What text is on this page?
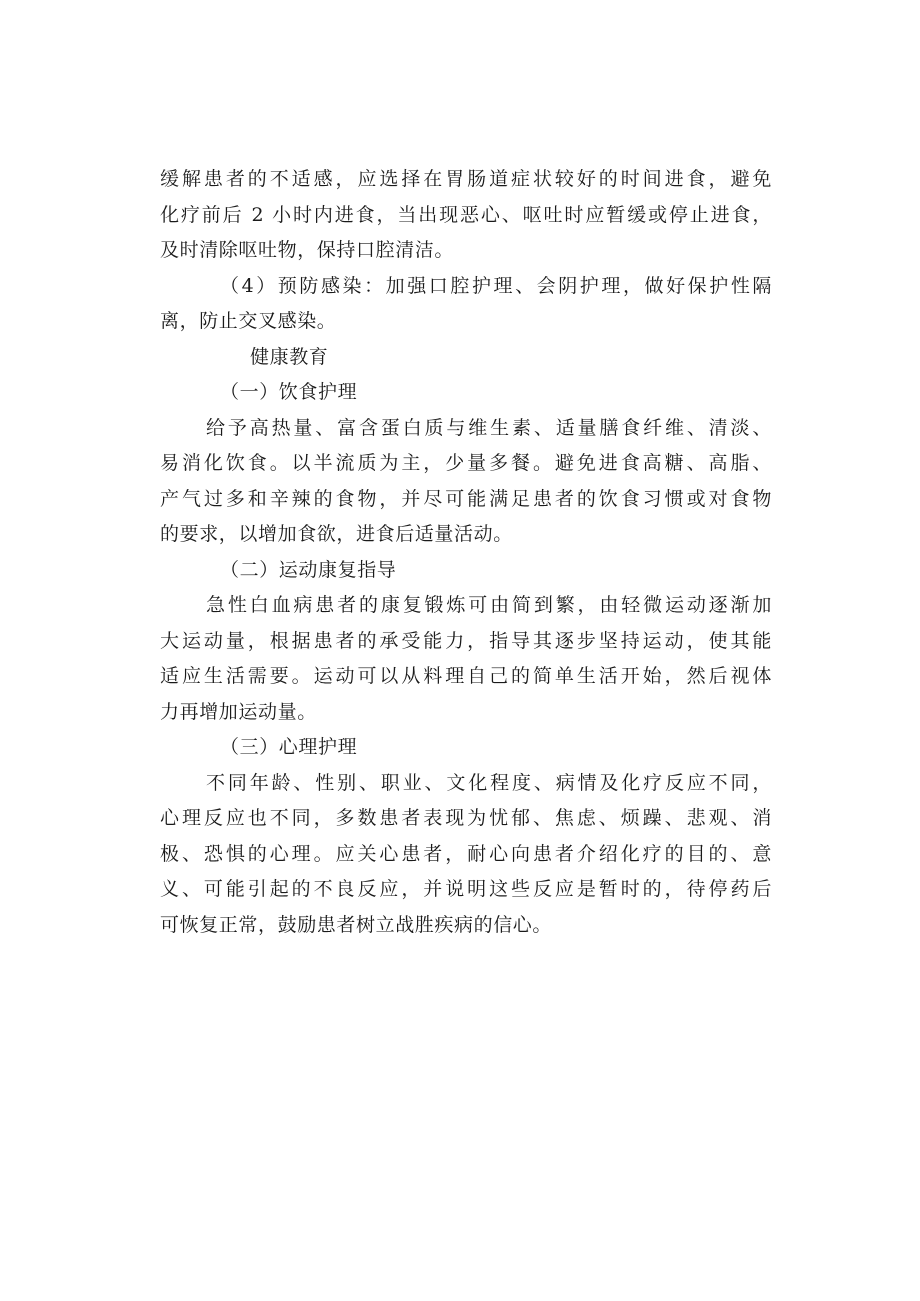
缓解患者的不适感，应选择在胃肠道症状较好的时间进食，避免

化疗前后 2 小时内进食，当出现恶心、呕吐时应暂缓或停止进食，

及时清除呕吐物，保持口腔清洁。

（4）预防感染：加强口腔护理、会阴护理，做好保护性隔

离，防止交叉感染。

健康教育

（一）饮食护理

给予高热量、富含蛋白质与维生素、适量膳食纤维、清淡、

易消化饮食。以半流质为主，少量多餐。避免进食高糖、高脂、

产气过多和辛辣的食物，并尽可能满足患者的饮食习惯或对食物

的要求，以增加食欲，进食后适量活动。

（二）运动康复指导

急性白血病患者的康复锻炼可由简到繁，由轻微运动逐渐加

大运动量，根据患者的承受能力，指导其逐步坚持运动，使其能

适应生活需要。运动可以从料理自己的简单生活开始，然后视体

力再增加运动量。

（三）心理护理

不同年龄、性别、职业、文化程度、病情及化疗反应不同，

心理反应也不同，多数患者表现为忧郁、焦虑、烦躁、悲观、消

极、恐惧的心理。应关心患者，耐心向患者介绍化疗的目的、意

义、可能引起的不良反应，并说明这些反应是暂时的，待停药后

可恢复正常，鼓励患者树立战胜疾病的信心。
